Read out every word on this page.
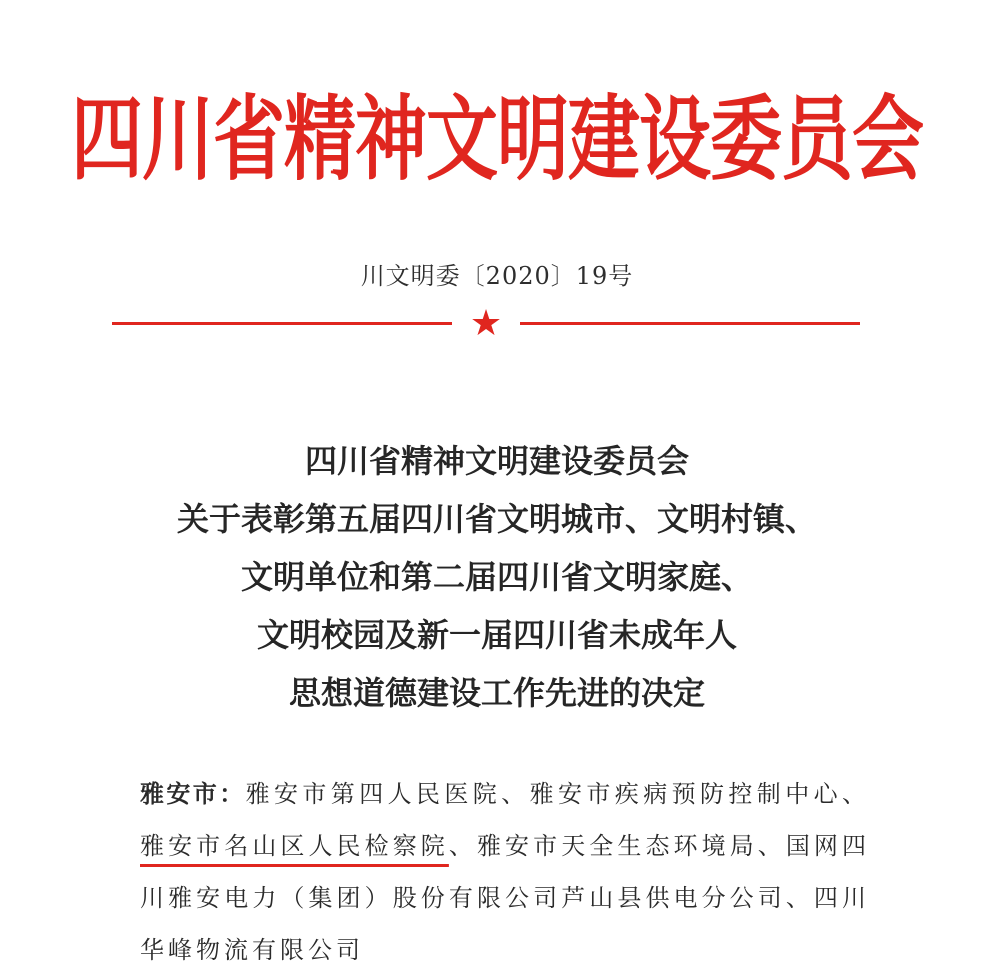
四川省精神文明建设委员会
川文明委〔2020〕19号
★
四川省精神文明建设委员会
关于表彰第五届四川省文明城市、文明村镇、
文明单位和第二届四川省文明家庭、
文明校园及新一届四川省未成年人
思想道德建设工作先进的决定
雅安市：雅安市第四人民医院、雅安市疾病预防控制中心、雅安市名山区人民检察院、雅安市天全生态环境局、国网四川雅安电力（集团）股份有限公司芦山县供电分公司、四川华峰物流有限公司
